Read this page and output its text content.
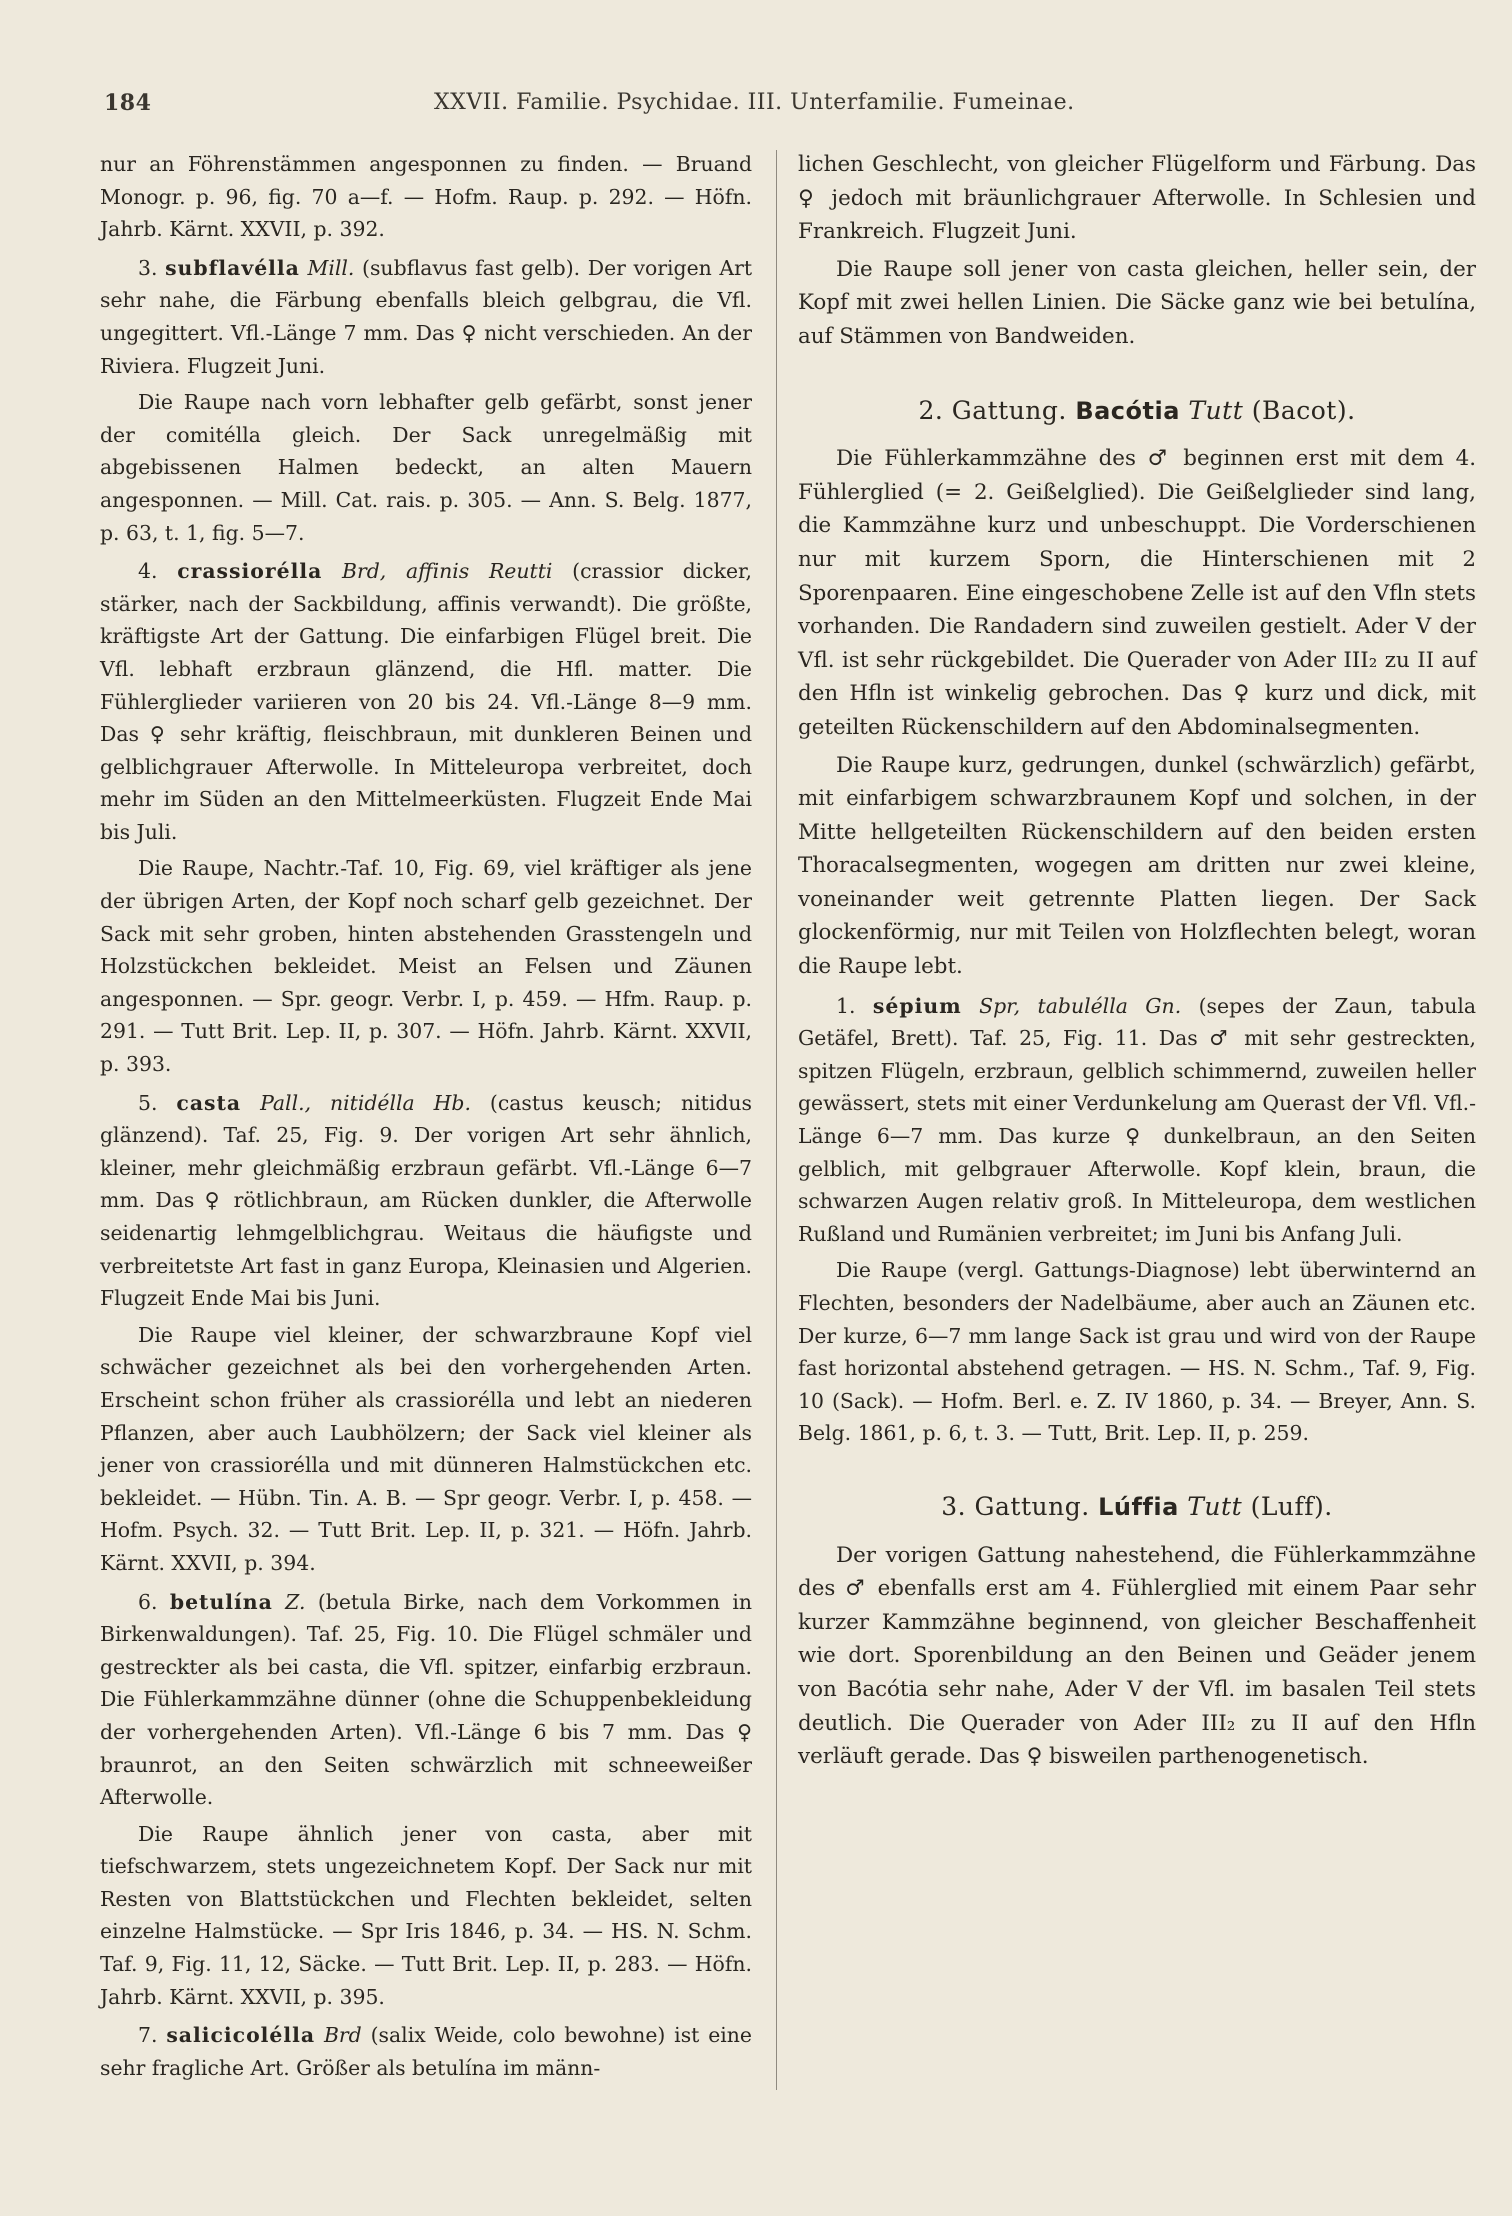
184	XXVII. Familie. Psychidae. III. Unterfamilie. Fumeinae.

nur an Föhrenstämmen angesponnen zu finden. — Bruand Monogr. p. 96, fig. 70 a—f. — Hofm. Raup. p. 292. — Höfn. Jahrb. Kärnt. XXVII, p. 392.

3. subflavélla Mill. (subflavus fast gelb). Der vorigen Art sehr nahe, die Färbung ebenfalls bleich gelbgrau, die Vfl. ungegittert. Vfl.-Länge 7 mm. Das ♀ nicht verschieden. An der Riviera. Flugzeit Juni.

Die Raupe nach vorn lebhafter gelb gefärbt, sonst jener der comitélla gleich. Der Sack unregelmäßig mit abgebissenen Halmen bedeckt, an alten Mauern angesponnen. — Mill. Cat. rais. p. 305. — Ann. S. Belg. 1877, p. 63, t. 1, fig. 5—7.

4. crassiorélla Brd, affinis Reutti (crassior dicker, stärker, nach der Sackbildung, affinis verwandt). Die größte, kräftigste Art der Gattung. Die einfarbigen Flügel breit. Die Vfl. lebhaft erzbraun glänzend, die Hfl. matter. Die Fühlerglieder variieren von 20 bis 24. Vfl.-Länge 8—9 mm. Das ♀ sehr kräftig, fleischbraun, mit dunkleren Beinen und gelblichgrauer Afterwolle. In Mitteleuropa verbreitet, doch mehr im Süden an den Mittelmeerküsten. Flugzeit Ende Mai bis Juli.

Die Raupe, Nachtr.-Taf. 10, Fig. 69, viel kräftiger als jene der übrigen Arten, der Kopf noch scharf gelb gezeichnet. Der Sack mit sehr groben, hinten abstehenden Grasstengeln und Holzstückchen bekleidet. Meist an Felsen und Zäunen angesponnen. — Spr. geogr. Verbr. I, p. 459. — Hfm. Raup. p. 291. — Tutt Brit. Lep. II, p. 307. — Höfn. Jahrb. Kärnt. XXVII, p. 393.

5. casta Pall., nitidélla Hb. (castus keusch; nitidus glänzend). Taf. 25, Fig. 9. Der vorigen Art sehr ähnlich, kleiner, mehr gleichmäßig erzbraun gefärbt. Vfl.-Länge 6—7 mm. Das ♀ rötlichbraun, am Rücken dunkler, die Afterwolle seidenartig lehmgelblichgrau. Weitaus die häufigste und verbreitetste Art fast in ganz Europa, Kleinasien und Algerien. Flugzeit Ende Mai bis Juni.

Die Raupe viel kleiner, der schwarzbraune Kopf viel schwächer gezeichnet als bei den vorhergehenden Arten. Erscheint schon früher als crassiorélla und lebt an niederen Pflanzen, aber auch Laubhölzern; der Sack viel kleiner als jener von crassiorélla und mit dünneren Halmstückchen etc. bekleidet. — Hübn. Tin. A. B. — Spr geogr. Verbr. I, p. 458. — Hofm. Psych. 32. — Tutt Brit. Lep. II, p. 321. — Höfn. Jahrb. Kärnt. XXVII, p. 394.

6. betulína Z. (betula Birke, nach dem Vorkommen in Birkenwaldungen). Taf. 25, Fig. 10. Die Flügel schmäler und gestreckter als bei casta, die Vfl. spitzer, einfarbig erzbraun. Die Fühlerkammzähne dünner (ohne die Schuppenbekleidung der vorhergehenden Arten). Vfl.-Länge 6 bis 7 mm. Das ♀ braunrot, an den Seiten schwärzlich mit schneeweißer Afterwolle.

Die Raupe ähnlich jener von casta, aber mit tiefschwarzem, stets ungezeichnetem Kopf. Der Sack nur mit Resten von Blattstückchen und Flechten bekleidet, selten einzelne Halmstücke. — Spr Iris 1846, p. 34. — HS. N. Schm. Taf. 9, Fig. 11, 12, Säcke. — Tutt Brit. Lep. II, p. 283. — Höfn. Jahrb. Kärnt. XXVII, p. 395.

7. salicicolélla Brd (salix Weide, colo bewohne) ist eine sehr fragliche Art. Größer als betulína im männ-

lichen Geschlecht, von gleicher Flügelform und Färbung. Das ♀ jedoch mit bräunlichgrauer Afterwolle. In Schlesien und Frankreich. Flugzeit Juni.

Die Raupe soll jener von casta gleichen, heller sein, der Kopf mit zwei hellen Linien. Die Säcke ganz wie bei betulína, auf Stämmen von Bandweiden.

2. Gattung. Bacótia Tutt (Bacot).

Die Fühlerkammzähne des ♂ beginnen erst mit dem 4. Fühlerglied (= 2. Geißelglied). Die Geißelglieder sind lang, die Kammzähne kurz und unbeschuppt. Die Vorderschienen nur mit kurzem Sporn, die Hinterschienen mit 2 Sporenpaaren. Eine eingeschobene Zelle ist auf den Vfln stets vorhanden. Die Randadern sind zuweilen gestielt. Ader V der Vfl. ist sehr rückgebildet. Die Querader von Ader III₂ zu II auf den Hfln ist winkelig gebrochen. Das ♀ kurz und dick, mit geteilten Rückenschildern auf den Abdominalsegmenten.

Die Raupe kurz, gedrungen, dunkel (schwärzlich) gefärbt, mit einfarbigem schwarzbraunem Kopf und solchen, in der Mitte hellgeteilten Rückenschildern auf den beiden ersten Thoracalsegmenten, wogegen am dritten nur zwei kleine, voneinander weit getrennte Platten liegen. Der Sack glockenförmig, nur mit Teilen von Holzflechten belegt, woran die Raupe lebt.

1. sépium Spr, tabulélla Gn. (sepes der Zaun, tabula Getäfel, Brett). Taf. 25, Fig. 11. Das ♂ mit sehr gestreckten, spitzen Flügeln, erzbraun, gelblich schimmernd, zuweilen heller gewässert, stets mit einer Verdunkelung am Querast der Vfl. Vfl.-Länge 6—7 mm. Das kurze ♀ dunkelbraun, an den Seiten gelblich, mit gelbgrauer Afterwolle. Kopf klein, braun, die schwarzen Augen relativ groß. In Mitteleuropa, dem westlichen Rußland und Rumänien verbreitet; im Juni bis Anfang Juli.

Die Raupe (vergl. Gattungs-Diagnose) lebt überwinternd an Flechten, besonders der Nadelbäume, aber auch an Zäunen etc. Der kurze, 6—7 mm lange Sack ist grau und wird von der Raupe fast horizontal abstehend getragen. — HS. N. Schm., Taf. 9, Fig. 10 (Sack). — Hofm. Berl. e. Z. IV 1860, p. 34. — Breyer, Ann. S. Belg. 1861, p. 6, t. 3. — Tutt, Brit. Lep. II, p. 259.

3. Gattung. Lúffia Tutt (Luff).

Der vorigen Gattung nahestehend, die Fühlerkammzähne des ♂ ebenfalls erst am 4. Fühlerglied mit einem Paar sehr kurzer Kammzähne beginnend, von gleicher Beschaffenheit wie dort. Sporenbildung an den Beinen und Geäder jenem von Bacótia sehr nahe, Ader V der Vfl. im basalen Teil stets deutlich. Die Querader von Ader III₂ zu II auf den Hfln verläuft gerade. Das ♀ bisweilen parthenogenetisch.
